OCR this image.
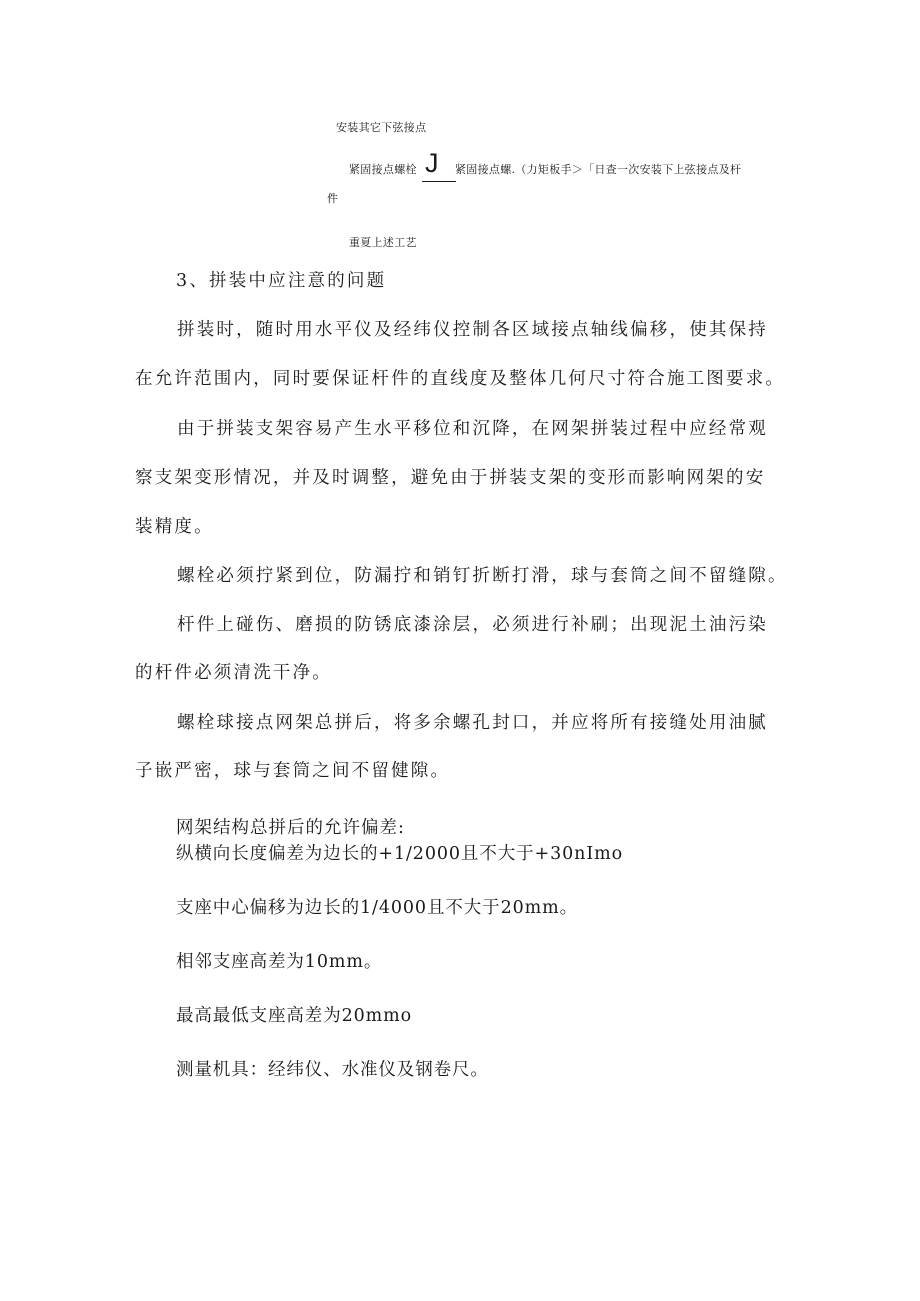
安装其它下弦接点

紧固接点螺栓 J 紧固接点螺.（力矩板手＞「日查一次安装下上弦接点及杆

件

重夏上述工艺

3、拼装中应注意的问题

拼装时，随时用水平仪及经纬仪控制各区域接点轴线偏移，使其保持

在允许范围内，同时要保证杆件的直线度及整体几何尺寸符合施工图要求。

由于拼装支架容易产生水平移位和沉降，在网架拼装过程中应经常观

察支架变形情况，并及时调整，避免由于拼装支架的变形而影响网架的安

装精度。

螺栓必须拧紧到位，防漏拧和销钉折断打滑，球与套筒之间不留缝隙。

杆件上碰伤、磨损的防锈底漆涂层，必须进行补刷；出现泥土油污染

的杆件必须清洗干净。

螺栓球接点网架总拼后，将多余螺孔封口，并应将所有接缝处用油腻

子嵌严密，球与套筒之间不留健隙。

网架结构总拼后的允许偏差:

纵横向长度偏差为边长的+1/2000且不大于+30nImo

支座中心偏移为边长的1/4000且不大于20mm。

相邻支座高差为10mm。

最高最低支座高差为20mmo

测量机具：经纬仪、水准仪及钢卷尺。
